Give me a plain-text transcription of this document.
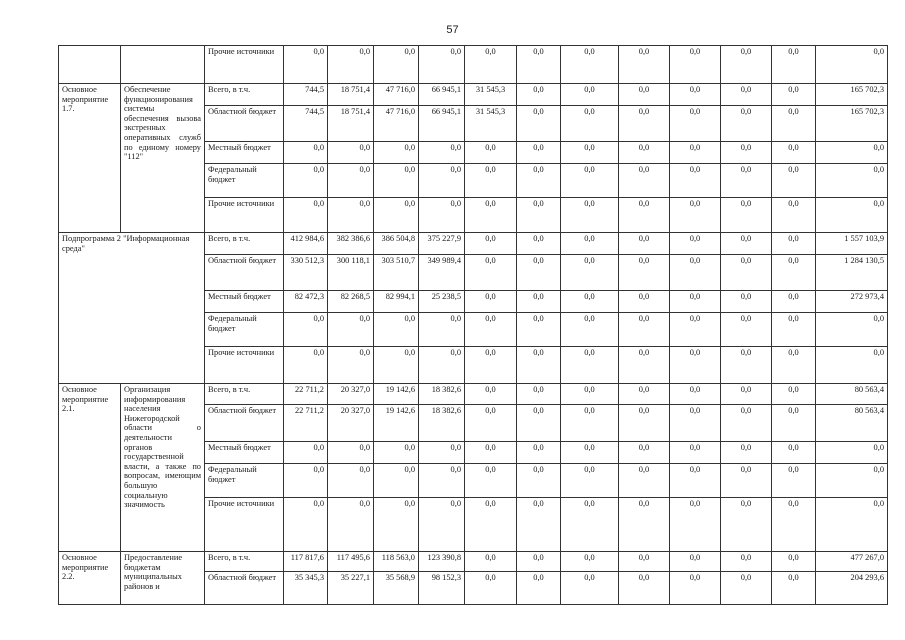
57
		Прочие источники	0,0	0,0	0,0	0,0	0,0	0,0	0,0	0,0	0,0	0,0	0,0	0,0
Основное мероприятие 1.7.	Обеспечение функционирования системы обеспечения вызова экстренных оперативных служб по единому номеру "112"	Всего, в т.ч.	744,5	18 751,4	47 716,0	66 945,1	31 545,3	0,0	0,0	0,0	0,0	0,0	0,0	165 702,3
		Областной бюджет	744,5	18 751,4	47 716,0	66 945,1	31 545,3	0,0	0,0	0,0	0,0	0,0	0,0	165 702,3
		Местный бюджет	0,0	0,0	0,0	0,0	0,0	0,0	0,0	0,0	0,0	0,0	0,0	0,0
		Федеральный бюджет	0,0	0,0	0,0	0,0	0,0	0,0	0,0	0,0	0,0	0,0	0,0	0,0
		Прочие источники	0,0	0,0	0,0	0,0	0,0	0,0	0,0	0,0	0,0	0,0	0,0	0,0
Подпрограмма 2 "Информационная среда"		Всего, в т.ч.	412 984,6	382 386,6	386 504,8	375 227,9	0,0	0,0	0,0	0,0	0,0	0,0	0,0	1 557 103,9
		Областной бюджет	330 512,3	300 118,1	303 510,7	349 989,4	0,0	0,0	0,0	0,0	0,0	0,0	0,0	1 284 130,5
		Местный бюджет	82 472,3	82 268,5	82 994,1	25 238,5	0,0	0,0	0,0	0,0	0,0	0,0	0,0	272 973,4
		Федеральный бюджет	0,0	0,0	0,0	0,0	0,0	0,0	0,0	0,0	0,0	0,0	0,0	0,0
		Прочие источники	0,0	0,0	0,0	0,0	0,0	0,0	0,0	0,0	0,0	0,0	0,0	0,0
Основное мероприятие 2.1.	Организация информирования населения Нижегородской области о деятельности органов государственной власти, а также по вопросам, имеющим большую социальную значимость	Всего, в т.ч.	22 711,2	20 327,0	19 142,6	18 382,6	0,0	0,0	0,0	0,0	0,0	0,0	0,0	80 563,4
		Областной бюджет	22 711,2	20 327,0	19 142,6	18 382,6	0,0	0,0	0,0	0,0	0,0	0,0	0,0	80 563,4
		Местный бюджет	0,0	0,0	0,0	0,0	0,0	0,0	0,0	0,0	0,0	0,0	0,0	0,0
		Федеральный бюджет	0,0	0,0	0,0	0,0	0,0	0,0	0,0	0,0	0,0	0,0	0,0	0,0
		Прочие источники	0,0	0,0	0,0	0,0	0,0	0,0	0,0	0,0	0,0	0,0	0,0	0,0
Основное мероприятие 2.2.	Предоставление бюджетам муниципальных районов и	Всего, в т.ч.	117 817,6	117 495,6	118 563,0	123 390,8	0,0	0,0	0,0	0,0	0,0	0,0	0,0	477 267,0
		Областной бюджет	35 345,3	35 227,1	35 568,9	98 152,3	0,0	0,0	0,0	0,0	0,0	0,0	0,0	204 293,6
